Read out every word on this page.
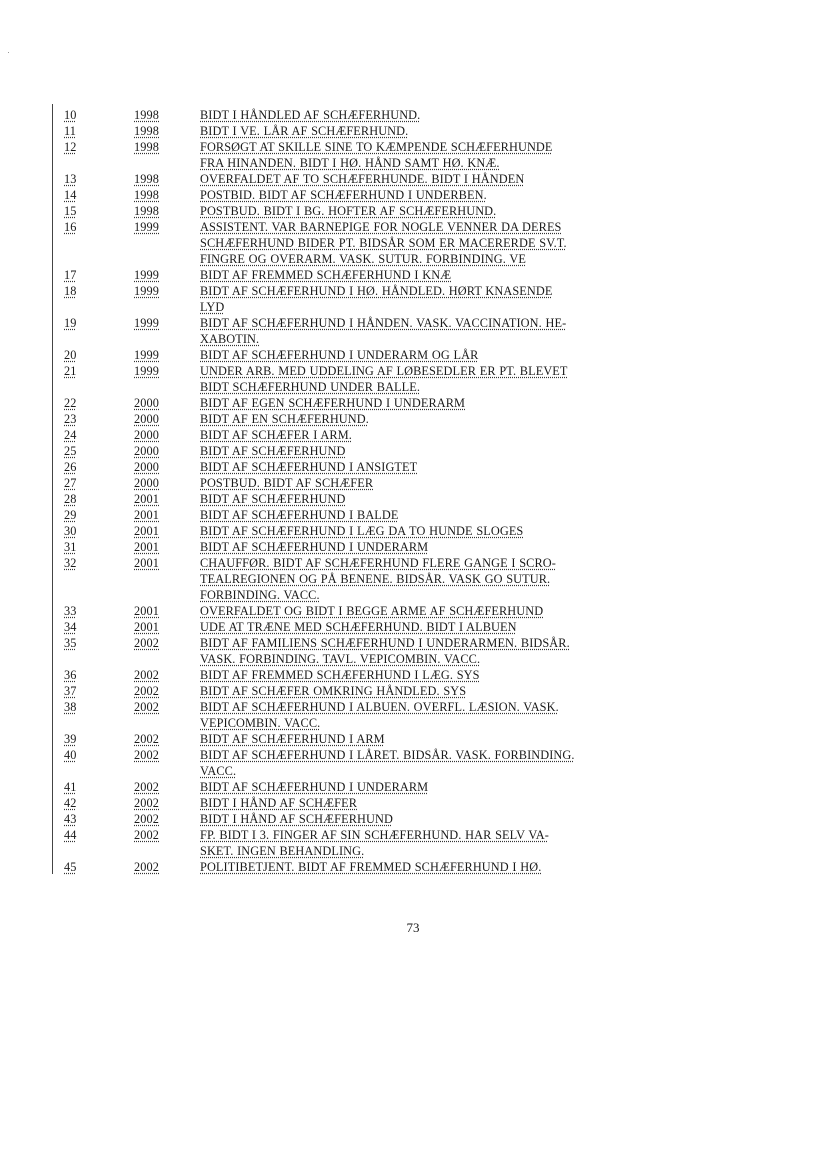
10	1998	BIDT I HÅNDLED AF SCHÆFERHUND.
11	1998	BIDT I VE. LÅR AF SCHÆFERHUND.
12	1998	FORSØGT AT SKILLE SINE TO KÆMPENDE SCHÆFERHUNDE
FRA HINANDEN. BIDT I HØ. HÅND SAMT HØ. KNÆ.
13	1998	OVERFALDET AF TO SCHÆFERHUNDE. BIDT I HÅNDEN
14	1998	POSTBID. BIDT AF SCHÆFERHUND I UNDERBEN.
15	1998	POSTBUD. BIDT I BG. HOFTER AF SCHÆFERHUND.
16	1999	ASSISTENT. VAR BARNEPIGE FOR NOGLE VENNER DA DERES
SCHÆFERHUND BIDER PT. BIDSÅR SOM ER MACERERDE SV.T.
FINGRE OG OVERARM. VASK. SUTUR. FORBINDING. VE
17	1999	BIDT AF FREMMED SCHÆFERHUND I KNÆ
18	1999	BIDT AF SCHÆFERHUND I HØ. HÅNDLED. HØRT KNASENDE
LYD
19	1999	BIDT AF SCHÆFERHUND I HÅNDEN. VASK. VACCINATION. HE-
XABOTIN.
20	1999	BIDT AF SCHÆFERHUND I UNDERARM OG LÅR
21	1999	UNDER ARB. MED UDDELING AF LØBESEDLER ER PT. BLEVET
BIDT SCHÆFERHUND UNDER BALLE.
22	2000	BIDT AF EGEN SCHÆFERHUND I UNDERARM
23	2000	BIDT AF EN SCHÆFERHUND.
24	2000	BIDT AF SCHÆFER I ARM.
25	2000	BIDT AF SCHÆFERHUND
26	2000	BIDT AF SCHÆFERHUND I ANSIGTET
27	2000	POSTBUD. BIDT AF SCHÆFER
28	2001	BIDT AF SCHÆFERHUND
29	2001	BIDT AF SCHÆFERHUND I BALDE
30	2001	BIDT AF SCHÆFERHUND I LÆG DA TO HUNDE SLOGES
31	2001	BIDT AF SCHÆFERHUND I UNDERARM
32	2001	CHAUFFØR. BIDT AF SCHÆFERHUND FLERE GANGE I SCRO-
TEALREGIONEN OG PÅ BENENE. BIDSÅR. VASK GO SUTUR.
FORBINDING. VACC.
33	2001	OVERFALDET OG BIDT I BEGGE ARME AF SCHÆFERHUND
34	2001	UDE AT TRÆNE MED SCHÆFERHUND. BIDT I ALBUEN
35	2002	BIDT AF FAMILIENS SCHÆFERHUND I UNDERARMEN. BIDSÅR.
VASK. FORBINDING. TAVL. VEPICOMBIN. VACC.
36	2002	BIDT AF FREMMED SCHÆFERHUND I LÆG. SYS
37	2002	BIDT AF SCHÆFER OMKRING HÅNDLED. SYS
38	2002	BIDT AF SCHÆFERHUND I ALBUEN. OVERFL. LÆSION. VASK.
VEPICOMBIN. VACC.
39	2002	BIDT AF SCHÆFERHUND I ARM
40	2002	BIDT AF SCHÆFERHUND I LÅRET. BIDSÅR. VASK. FORBINDING.
VACC.
41	2002	BIDT AF SCHÆFERHUND I UNDERARM
42	2002	BIDT I HÅND AF SCHÆFER
43	2002	BIDT I HÅND AF SCHÆFERHUND
44	2002	FP. BIDT I 3. FINGER AF SIN SCHÆFERHUND. HAR SELV VA-
SKET. INGEN BEHANDLING.
45	2002	POLITIBETJENT. BIDT AF FREMMED SCHÆFERHUND I HØ.
73
